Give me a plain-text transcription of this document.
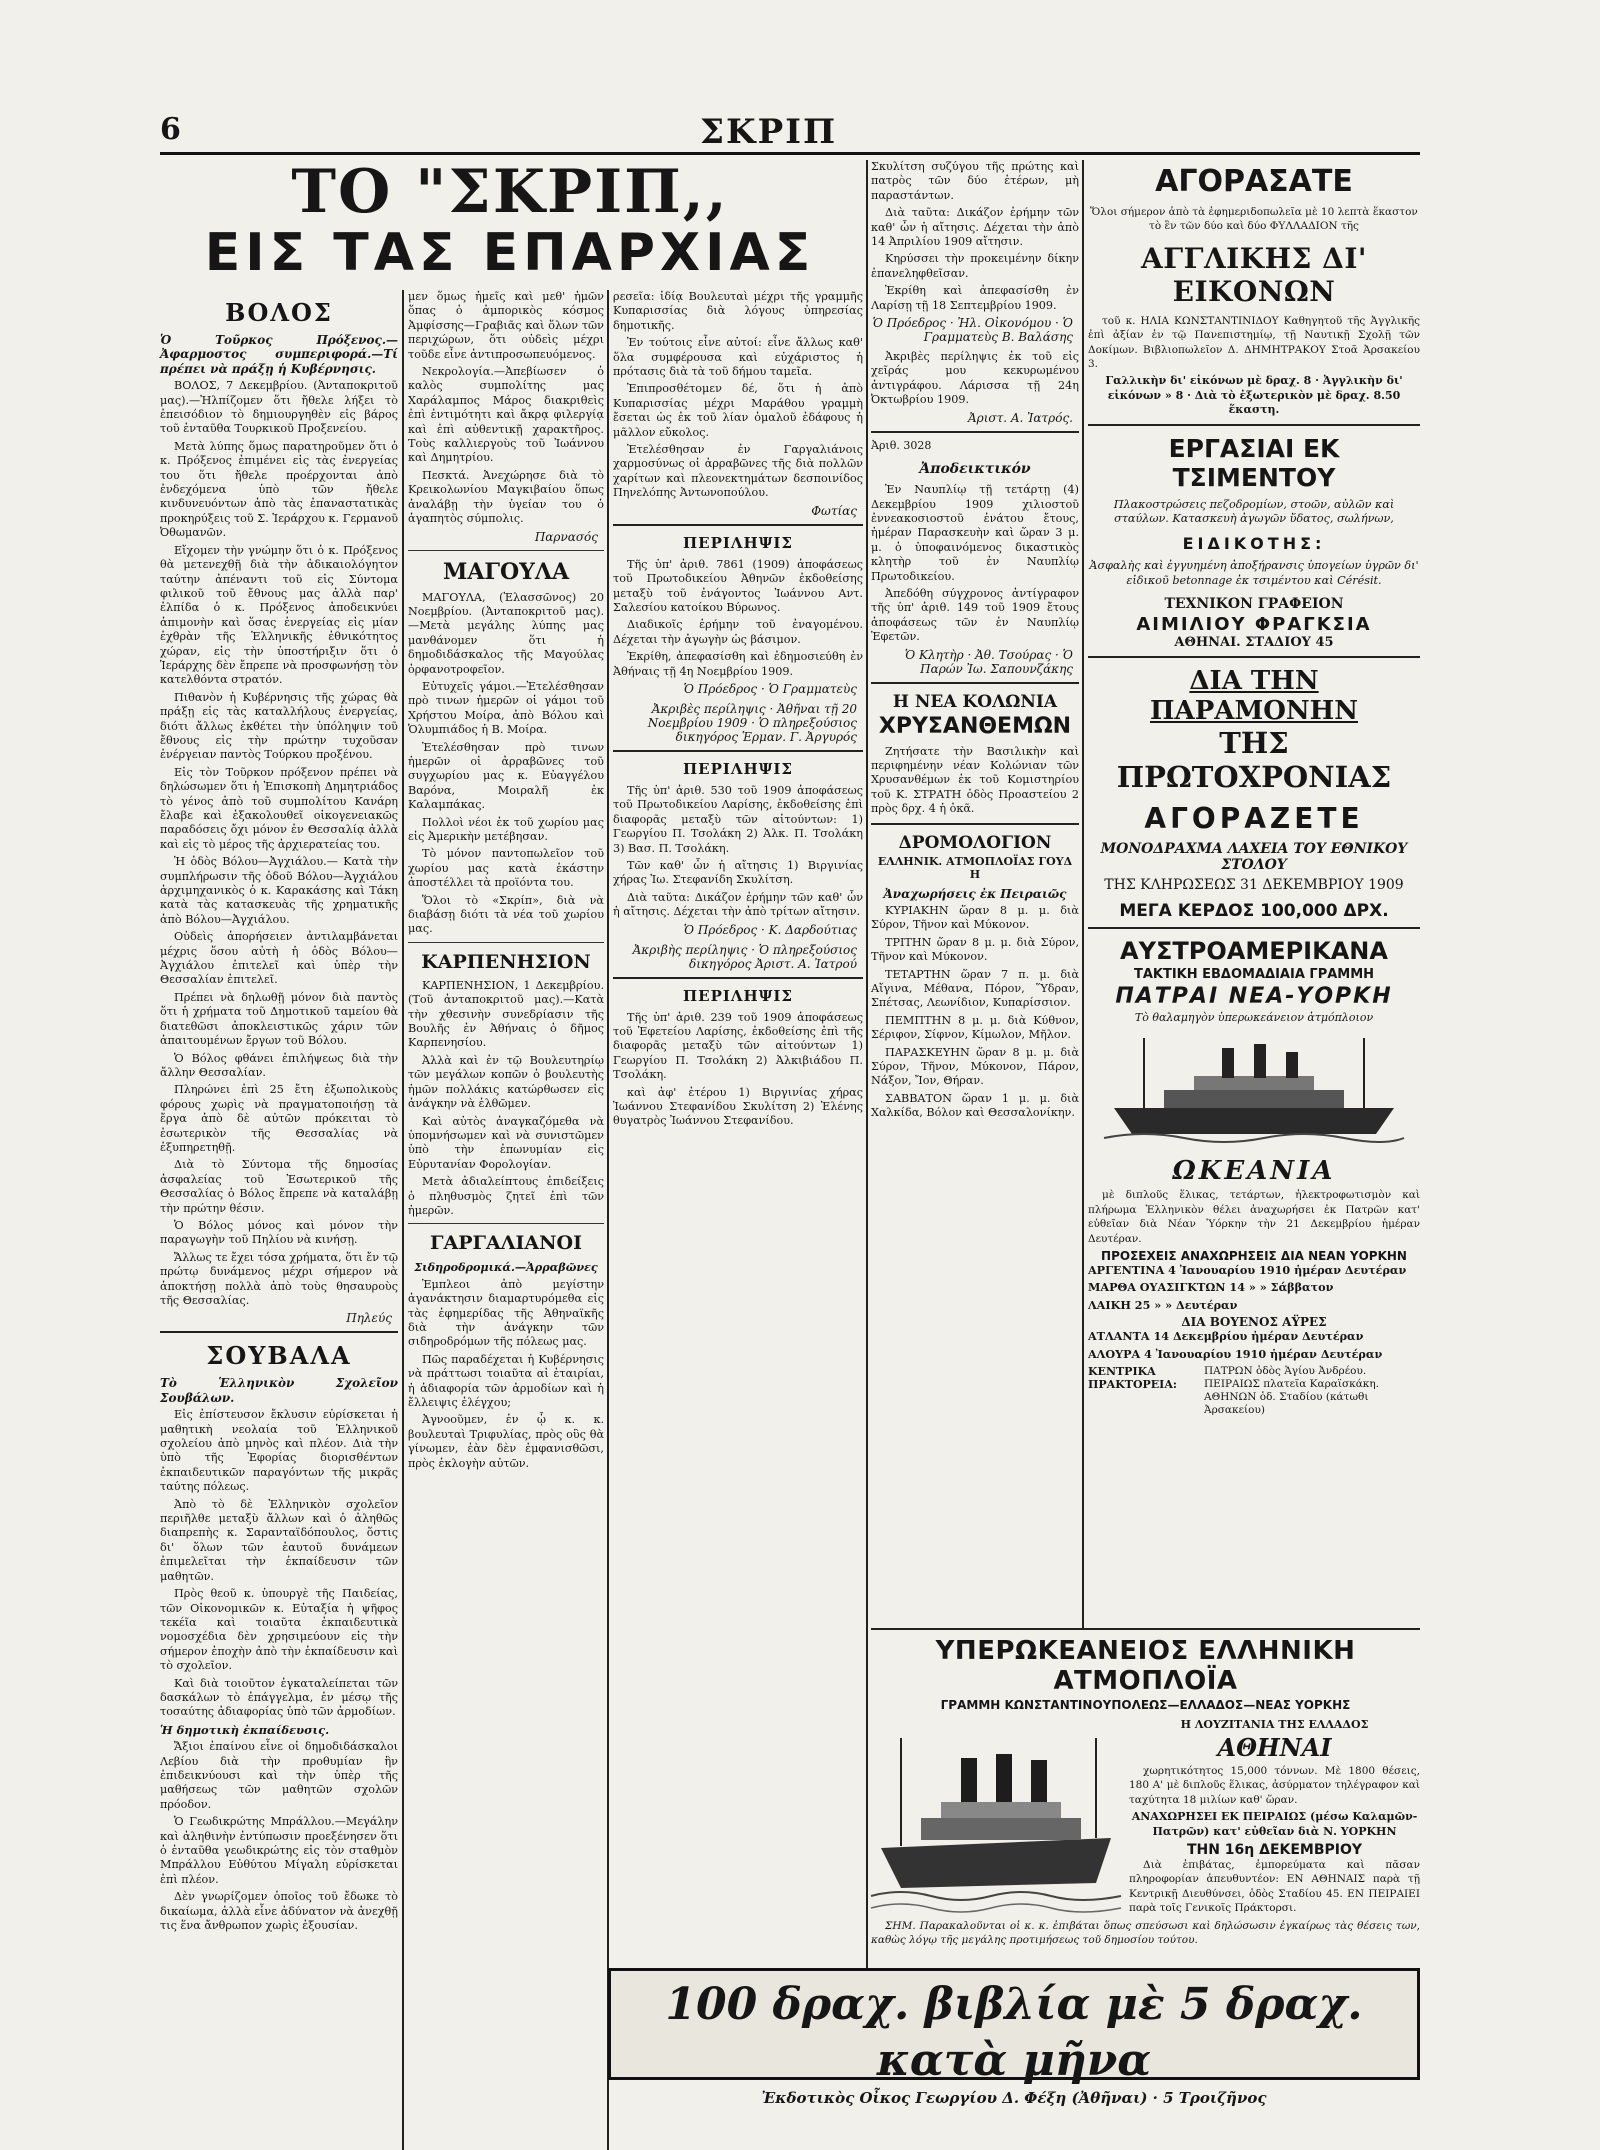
6	ΣΚΡΙΠ
ΤΟ "ΣΚΡΙΠ,,
ΕΙΣ ΤΑΣ ΕΠΑΡΧΙΑΣ
ΒΟΛΟΣ

Ὁ Τοῦρκος Πρόξενος.—Ἀφαρμοστος συμπεριφορά.—Τί πρέπει νὰ πράξῃ ἡ Κυβέρνησις.

ΒΟΛΟΣ, 7 Δεκεμβρίου. (Ἀνταποκριτοῦ μας).—Ἠλπίζομεν ὅτι ἤθελε λήξει τὸ ἐπεισόδιον τὸ δημιουργηθὲν εἰς βάρος τοῦ ἐνταῦθα Τουρκικοῦ Προξενείου.

Μετὰ λύπης ὅμως παρατηροῦμεν ὅτι ὁ κ. Πρόξενος ἐπιμένει εἰς τὰς ἐνεργείας του ὅτι ἤθελε προέρχονται ἀπὸ ἐνδεχόμενα ὑπὸ τῶν ἤθελε κινδυνευόντων ἀπὸ τὰς ἐπαναστατικὰς προκηρύξεις τοῦ Σ. Ἱεράρχου κ. Γερμανοῦ Ὀθωμανῶν.

Εἴχομεν τὴν γνώμην ὅτι ὁ κ. Πρόξενος θὰ μετενεχθῇ διὰ τὴν ἀδικαιολόγητον ταύτην ἀπέναντι τοῦ εἰς Σύντομα φιλικοῦ τοῦ ἔθνους μας ἀλλὰ παρ' ἐλπίδα ὁ κ. Πρόξενος ἀποδεικνύει ἀπιμονὴν καὶ ὅσας ἐνεργείας εἰς μίαν ἐχθρὰν τῆς Ἑλληνικῆς ἐθνικότητος χώραν, εἰς τὴν ὑποστήριξιν ὅτι ὁ Ἱεράρχης δὲν ἔπρεπε νὰ προσφωνήσῃ τὸν κατελθόντα στρατόν.

Πιθανὸν ἡ Κυβέρνησις τῆς χώρας θὰ πράξῃ εἰς τὰς καταλλήλους ἐνεργείας, διότι ἄλλως ἐκθέτει τὴν ὑπόληψιν τοῦ ἔθνους εἰς τὴν πρώτην τυχοῦσαν ἐνέργειαν παντὸς Τούρκου προξένου.

Εἰς τὸν Τοῦρκον πρόξενον πρέπει νὰ δηλώσωμεν ὅτι ἡ Ἐπισκοπὴ Δημητριάδος τὸ γένος ἀπὸ τοῦ συμπολίτου Κανάρη ἔλαβε καὶ ἐξακολουθεῖ οἰκογενειακῶς παραδόσεις ὄχι μόνον ἐν Θεσσαλίᾳ ἀλλὰ καὶ εἰς τὸ μέρος τῆς ἀρχιερατείας του.

Ἡ ὁδὸς Βόλου—Ἀγχιάλου.— Κατὰ τὴν συμπλήρωσιν τῆς ὁδοῦ Βόλου—Ἀγχιάλου ἀρχιμηχανικὸς ὁ κ. Καρακάσης καὶ Τάκη κατὰ τὰς κατασκευὰς τῆς χρηματικῆς ἀπὸ Βόλου—Ἀγχιάλου.

Οὐδεὶς ἀπορήσειεν ἀντιλαμβάνεται μέχρις ὅσου αὐτὴ ἡ ὁδὸς Βόλου—Ἀγχιάλου ἐπιτελεῖ καὶ ὑπὲρ τὴν Θεσσαλίαν ἐπιτελεῖ.

Πρέπει νὰ δηλωθῇ μόνον διὰ παντὸς ὅτι ἡ χρήματα τοῦ Δημοτικοῦ ταμείου θὰ διατεθῶσι ἀποκλειστικῶς χάριν τῶν ἀπαιτουμένων ἔργων τοῦ Βόλου.

Ὁ Βόλος φθάνει ἐπιλήψεως διὰ τὴν ἄλλην Θεσσαλίαν.

Πληρώνει ἐπὶ 25 ἔτη ἐξωπολικοὺς φόρους χωρὶς νὰ πραγματοποιήσῃ τὰ ἔργα ἀπὸ δὲ αὐτῶν πρόκειται τὸ ἐσωτερικὸν τῆς Θεσσαλίας νὰ ἐξυπηρετηθῇ.

Διὰ τὸ Σύντομα τῆς δημοσίας ἀσφαλείας τοῦ Ἐσωτερικοῦ τῆς Θεσσαλίας ὁ Βόλος ἔπρεπε νὰ καταλάβῃ τὴν πρώτην θέσιν.

Ὁ Βόλος μόνος καὶ μόνον τὴν παραγωγὴν τοῦ Πηλίου νὰ κινήσῃ.

Ἄλλως τε ἔχει τόσα χρήματα, ὅτι ἔν τῷ πρώτῳ δυνάμενος μέχρι σήμερον νὰ ἀποκτήσῃ πολλὰ ἀπὸ τοὺς θησαυροὺς τῆς Θεσσαλίας.

Πηλεύς
ΣΟΥΒΑΛΑ

Τὸ Ἑλληνικὸν Σχολεῖον Σουβάλων.

Εἰς ἐπίστευσον ἔκλυσιν εὐρίσκεται ἡ μαθητικὴ νεολαία τοῦ Ἑλληνικοῦ σχολείου ἀπὸ μηνὸς καὶ πλέον. Διὰ τὴν ὑπὸ τῆς Ἐφορίας διορισθέντων ἐκπαιδευτικῶν παραγόντων τῆς μικρᾶς ταύτης πόλεως.

Ἀπὸ τὸ δὲ Ἑλληνικὸν σχολεῖον περιῆλθε μεταξὺ ἄλλων καὶ ὁ ἀληθῶς διαπρεπὴς κ. Σαρανταϊδόπουλος, ὅστις δι' ὅλων τῶν ἑαυτοῦ δυνάμεων ἐπιμελεῖται τὴν ἐκπαίδευσιν τῶν μαθητῶν.

Πρὸς θεοῦ κ. ὑπουργὲ τῆς Παιδείας, τῶν Οἰκονομικῶν κ. Εὐταξία ἡ ψῆφος τεκέῖα καὶ τοιαῦτα ἐκπαιδευτικὰ νομοσχέδια δὲν χρησιμεύουν εἰς τὴν σήμερον ἐποχὴν ἀπὸ τὴν ἐκπαίδευσιν καὶ τὸ σχολεῖον.

Καὶ διὰ τοιοῦτον ἐγκαταλείπεται τῶν δασκάλων τὸ ἐπάγγελμα, ἐν μέσῳ τῆς τοσαύτης ἀδιαφορίας ὑπὸ τῶν ἀρμοδίων.

Ἡ δημοτικὴ ἐκπαίδευσις.

Ἄξιοι ἐπαίνου εἶνε οἱ δημοδιδάσκαλοι Λεβίου διὰ τὴν προθυμίαν ἣν ἐπιδεικνύουσι καὶ τὴν ὑπὲρ τῆς μαθήσεως τῶν μαθητῶν σχολῶν πρόοδον.

Ὁ Γεωδικρώτης Μπράλλου.—Μεγάλην καὶ ἀληθινὴν ἐντύπωσιν προεξένησεν ὅτι ὁ ἐνταῦθα γεωδικρώτης εἰς τὸν σταθμὸν Μπράλλου Εὐθύτου Μίγαλη εὑρίσκεται ἐπὶ πλέον.

Δὲν γνωρίζομεν ὁποῖος τοῦ ἔδωκε τὸ δικαίωμα, ἀλλὰ εἶνε ἀδύνατον νὰ ἀνεχθῇ τις ἕνα ἄνθρωπον χωρὶς ἐξουσίαν.

μεν ὅμως ἡμεῖς καὶ μεθ' ἡμῶν ὅπας ὁ ἀμπορικὸς κόσμος Ἀμφίσσης—Γραβιᾶς καὶ ὅλων τῶν περιχώρων, ὅτι οὐδεὶς μέχρι τοῦδε εἶνε ἀντιπροσωπευόμενος.

Νεκρολογία.—Ἀπεβίωσεν ὁ καλὸς συμπολίτης μας Χαράλαμπος Μάρος διακριθεὶς ἐπὶ ἐντιμότητι καὶ ἄκρᾳ φιλεργίᾳ καὶ ἐπὶ αὐθεντικῇ χαρακτῆρος. Τοὺς καλλιεργοὺς τοῦ Ἰωάννου καὶ Δημητρίου.

Πεσκτά. Ἀνεχώρησε διὰ τὸ Κρεικολωνίου Μαγκιβαίου ὅπως ἀναλάβῃ τὴν ὑγείαν του ὁ ἀγαπητὸς σύμπολις.

Παρνασός
ΜΑΓΟΥΛΑ

ΜΑΓΟΥΛΑ, (Ἐλασσῶνος) 20 Νοεμβρίου. (Ἀνταποκριτοῦ μας).—Μετὰ μεγάλης λύπης μας μανθάνομεν ὅτι ἡ δημοδιδάσκαλος τῆς Μαγούλας ὀρφανοτροφεῖον.

Εὐτυχεῖς γάμοι.—Ἑτελέσθησαν πρὸ τινων ἡμερῶν οἱ γάμοι τοῦ Χρήστου Μοίρα, ἀπὸ Βόλου καὶ Ὁλυμπιάδος ἡ Β. Μοίρα.

Ἐτελέσθησαν πρὸ τινων ἡμερῶν οἱ ἀρραβῶνες τοῦ συγχωρίου μας κ. Εὐαγγέλου Βαρόνα, Μοιραλῆ ἐκ Καλαμπάκας.

Πολλοὶ νέοι ἐκ τοῦ χωρίου μας εἰς Ἀμερικὴν μετέβησαν.

Τὸ μόνον παντοπωλεῖον τοῦ χωρίου μας κατὰ ἑκάστην ἀποστέλλει τὰ προϊόντα του.

Ὅλοι τὸ «Σκρίπ», διὰ νὰ διαβάσῃ διότι τὰ νέα τοῦ χωρίου μας.

ΚΑΡΠΕΝΗΣΙΟΝ

ΚΑΡΠΕΝΗΣΙΟΝ, 1 Δεκεμβρίου. (Τοῦ ἀνταποκριτοῦ μας).—Κατὰ τὴν χθεσινὴν συνεδρίασιν τῆς Βουλῆς ἐν Ἀθήναις ὁ δῆμος Καρπενησίου.

Ἀλλὰ καὶ ἐν τῷ Βουλευτηρίῳ τῶν μεγάλων κοπῶν ὁ βουλευτὴς ἡμῶν πολλάκις κατώρθωσεν εἰς ἀνάγκην νὰ ἐλθῶμεν.

Καὶ αὐτὸς ἀναγκαζόμεθα νὰ ὑπομνήσωμεν καὶ νὰ συνιστῶμεν ὑπὸ τὴν ἐπωνυμίαν εἰς Εὐρυτανίαν Φορολογίαν.

Μετὰ ἀδιαλείπτους ἐπιδείξεις ὁ πληθυσμὸς ζητεῖ ἐπὶ τῶν ἡμερῶν.

ΓΑΡΓΑΛΙΑΝΟΙ

Σιδηροδρομικά.—Ἀρραβῶνες

Ἐμπλεοι ἀπὸ μεγίστην ἀγανάκτησιν διαμαρτυρόμεθα εἰς τὰς ἐφημερίδας τῆς Ἀθηναϊκῆς διὰ τὴν ἀνάγκην τῶν σιδηροδρόμων τῆς πόλεως μας.

Πῶς παραδέχεται ἡ Κυβέρνησις νὰ πράττωσι τοιαῦτα αἱ ἑταιρίαι, ἡ ἀδιαφορία τῶν ἀρμοδίων καὶ ἡ ἔλλειψις ἐλέγχου;

Ἀγνοοῦμεν, ἐν ᾧ κ. κ. βουλευταὶ Τριφυλίας, πρὸς οὓς θὰ γίνωμεν, ἐὰν δὲν ἐμφανισθῶσι, πρὸς ἐκλογὴν αὐτῶν.

ρεσεῖα: ἰδίᾳ Βουλευταὶ μέχρι τῆς γραμμῆς Κυπαρισσίας διὰ λόγους ὑπηρεσίας δημοτικῆς.

Ἐν τούτοις εἶνε αὐτοί: εἶνε ἄλλως καθ' ὅλα συμφέρουσα καὶ εὐχάριστος ἡ πρότασις διὰ τὰ τοῦ δήμου ταμεῖα.

Ἐπιπροσθέτομεν δέ, ὅτι ἡ ἀπὸ Κυπαρισσίας μέχρι Μαράθου γραμμὴ ἔσεται ὡς ἐκ τοῦ λίαν ὁμαλοῦ ἐδάφους ἡ μᾶλλον εὔκολος.

Ἐτελέσθησαν ἐν Γαργαλιάνοις χαρμοσύνως οἱ ἀρραβῶνες τῆς διὰ πολλῶν χαρίτων καὶ πλεονεκτημάτων δεσποινίδος Πηνελόπης Ἀντωνοπούλου.

Φωτίας
ΠΕΡΙΛΗΨΙΣ

Τῆς ὑπ' ἀριθ. 7861 (1909) ἀποφάσεως τοῦ Πρωτοδικείου Ἀθηνῶν ἐκδοθείσης μεταξὺ τοῦ ἐνάγοντος Ἰωάννου Αντ. Σαλεσίου κατοίκου Βύρωνος.

Διαδικοῖς ἐρήμην τοῦ ἐναγομένου. Δέχεται τὴν ἀγωγὴν ὡς βάσιμον.

Ἐκρίθη, ἀπεφασίσθη καὶ ἐδημοσιεύθη ἐν Ἀθήναις τῇ 4η Νοεμβρίου 1909.

Ὁ Πρόεδρος · Ὁ Γραμματεὺς
Ἀκριβὲς περίληψις · Ἀθῆναι τῇ 20 Νοεμβρίου 1909 · Ὁ πληρεξούσιος δικηγόρος Ἑρμαν. Γ. Ἀργυρός
ΠΕΡΙΛΗΨΙΣ

Τῆς ὑπ' ἀριθ. 530 τοῦ 1909 ἀποφάσεως τοῦ Πρωτοδικείου Λαρίσης, ἐκδοθείσης ἐπὶ διαφορᾶς μεταξὺ τῶν αἰτούντων: 1) Γεωργίου Π. Τσολάκη 2) Ἀλκ. Π. Τσολάκη 3) Βασ. Π. Τσολάκη.

Τῶν καθ' ὧν ἡ αἴτησις 1) Βιργινίας χήρας Ἰω. Στεφανίδη Σκυλίτση.

Διὰ ταῦτα: Δικάζον ἐρήμην τῶν καθ' ὧν ἡ αἴτησις. Δέχεται τὴν ἀπὸ τρίτων αἴτησιν.

Ὁ Πρόεδρος · Κ. Δαρδούτιας
Ἀκριβὴς περίληψις · Ὁ πληρεξούσιος δικηγόρος Ἀριστ. Α. Ἰατρού
ΠΕΡΙΛΗΨΙΣ

Τῆς ὑπ' ἀριθ. 239 τοῦ 1909 ἀποφάσεως τοῦ Ἐφετείου Λαρίσης, ἐκδοθείσης ἐπὶ τῆς διαφορᾶς μεταξὺ τῶν αἰτούντων 1) Γεωργίου Π. Τσολάκη 2) Ἀλκιβιάδου Π. Τσολάκη.

καὶ ἀφ' ἑτέρου 1) Βιργινίας χήρας Ἰωάννου Στεφανίδου Σκυλίτση 2) Ἑλένης θυγατρὸς Ἰωάννου Στεφανίδου.

Σκυλίτση συζύγου τῆς πρώτης καὶ πατρὸς τῶν δύο ἑτέρων, μὴ παραστάντων.

Διὰ ταῦτα: Δικάζον ἐρήμην τῶν καθ' ὧν ἡ αἴτησις. Δέχεται τὴν ἀπὸ 14 Ἀπριλίου 1909 αἴτησιν.

Κηρύσσει τὴν προκειμένην δίκην ἐπανεληφθεῖσαν.

Ἐκρίθη καὶ ἀπεφασίσθη ἐν Λαρίσῃ τῇ 18 Σεπτεμβρίου 1909.

Ὁ Πρόεδρος · Ἠλ. Οἰκονόμου · Ὁ Γραμματεὺς Β. Βαλάσης

Ἀκριβὲς περίληψις ἐκ τοῦ εἰς χεῖράς μου κεκυρωμένου ἀντιγράφου. Λάρισσα τῇ 24η Ὀκτωβρίου 1909.

Ἀριστ. Α. Ἰατρός.
Ἀριθ. 3028
Ἀποδεικτικόν

Ἐν Ναυπλίῳ τῇ τετάρτῃ (4) Δεκεμβρίου 1909 χιλιοστοῦ ἐννεακοσιοστοῦ ἐνάτου ἔτους, ἡμέραν Παρασκευὴν καὶ ὥραν 3 μ. μ. ὁ ὑποφαινόμενος δικαστικὸς κλητὴρ τοῦ ἐν Ναυπλίῳ Πρωτοδικείου.

Ἀπεδόθη σύγχρονος ἀντίγραφον τῆς ὑπ' ἀριθ. 149 τοῦ 1909 ἔτους ἀποφάσεως τῶν ἐν Ναυπλίῳ Ἐφετῶν.

Ὁ Κλητὴρ · Ἀθ. Τσούρας · Ὁ Παρών Ἰω. Σαπουνζάκης
Η ΝΕΑ ΚΟΛΩΝΙΑ
ΧΡΥΣΑΝΘΕΜΩΝ

Ζητήσατε τὴν Βασιλικὴν καὶ περιφημένην νέαν Κολώνιαν τῶν Χρυσανθέμων ἐκ τοῦ Κομιστηρίου τοῦ Κ. ΣΤΡΑΤΗ ὁδὸς Προαστείου 2 πρὸς δρχ. 4 ἡ ὀκᾶ.

ΔΡΟΜΟΛΟΓΙΟΝ
ΕΛΛΗΝΙΚ. ΑΤΜΟΠΛΟΪΑΣ ΓΟΥΔ Η

Ἀναχωρήσεις ἐκ Πειραιῶς

ΚΥΡΙΑΚΗΝ ὥραν 8 μ. μ. διὰ Σύρον, Τῆνον καὶ Μύκονον.

ΤΡΙΤΗΝ ὥραν 8 μ. μ. διὰ Σύρον, Τῆνον καὶ Μύκονον.

ΤΕΤΑΡΤΗΝ ὥραν 7 π. μ. διὰ Αἴγινα, Μέθανα, Πόρον, Ὕδραν, Σπέτσας, Λεωνίδιον, Κυπαρίσσιον.

ΠΕΜΠΤΗΝ 8 μ. μ. διὰ Κύθνον, Σέριφον, Σίφνον, Κίμωλον, Μῆλον.

ΠΑΡΑΣΚΕΥΗΝ ὥραν 8 μ. μ. διὰ Σύρον, Τῆνον, Μύκονον, Πάρον, Νάξον, Ἴον, Θήραν.

ΣΑΒΒΑΤΟΝ ὥραν 1 μ. μ. διὰ Χαλκίδα, Βόλον καὶ Θεσσαλονίκην.

ΑΓΟΡΑΣΑΤΕ

Ὅλοι σήμερον ἀπὸ τὰ ἐφημεριδοπωλεῖα μὲ 10 λεπτὰ ἕκαστον τὸ ἓν τῶν δύο καὶ δύο ΦΥΛΛΑΔΙΟΝ τῆς

ΑΓΓΛΙΚΗΣ ΔΙ' ΕΙΚΟΝΩΝ

τοῦ κ. ΗΛΙΑ ΚΩΝΣΤΑΝΤΙΝΙΔΟΥ Καθηγητοῦ τῆς Ἀγγλικῆς ἐπὶ ἀξίαν ἐν τῷ Πανεπιστημίῳ, τῇ Ναυτικῇ Σχολῇ τῶν Δοκίμων. Βιβλιοπωλεῖον Δ. ΔΗΜΗΤΡΑΚΟΥ Στοᾶ Ἀρσακείου 3.

Γαλλικὴν δι' εἰκόνων μὲ δραχ. 8 · Ἀγγλικὴν δι' εἰκόνων » 8 · Διὰ τὸ ἐξωτερικὸν μὲ δραχ. 8.50 ἕκαστη.

ΕΡΓΑΣΙΑΙ ΕΚ ΤΣΙΜΕΝΤΟΥ

Πλακοστρώσεις πεζοδρομίων, στοῶν, αὐλῶν καὶ σταύλων. Κατασκευὴ ἀγωγῶν ὕδατος, σωλήνων,

ΕΙΔΙΚΟΤΗΣ:

Ἀσφαλὴς καὶ ἐγγυημένη ἀποξήρανσις ὑπογείων ὑγρῶν δι' εἰδικοῦ betonnage ἐκ τσιμέντου καὶ Cérésit.

ΤΕΧΝΙΚΟΝ ΓΡΑΦΕΙΟΝ
ΑΙΜΙΛΙΟΥ ΦΡΑΓΚΣΙΑ
ΑΘΗΝΑΙ. ΣΤΑΔΙΟΥ 45
ΔΙΑ ΤΗΝ ΠΑΡΑΜΟΝΗΝ
ΤΗΣ ΠΡΩΤΟΧΡΟΝΙΑΣ
ΑΓΟΡΑΖΕΤΕ
ΜΟΝΟΔΡΑΧΜΑ ΛΑΧΕΙΑ ΤΟΥ ΕΘΝΙΚΟΥ ΣΤΟΛΟΥ
ΤΗΣ ΚΛΗΡΩΣΕΩΣ 31 ΔΕΚΕΜΒΡΙΟΥ 1909
ΜΕΓΑ ΚΕΡΔΟΣ 100,000 ΔΡΧ.
ΑΥΣΤΡΟΑΜΕΡΙΚΑΝΑ
ΤΑΚΤΙΚΗ ΕΒΔΟΜΑΔΙΑΙΑ ΓΡΑΜΜΗ
ΠΑΤΡΑΙ ΝΕΑ-ΥΟΡΚΗ
Τὸ θαλαμηγὸν ὑπερωκεάνειον ἀτμόπλοιον
ΩΚΕΑΝΙΑ

μὲ διπλοῦς ἕλικας, τετάρτων, ἠλεκτροφωτισμὸν καὶ πλήρωμα Ἑλληνικὸν θέλει ἀναχωρήσει ἐκ Πατρῶν κατ' εὐθεῖαν διὰ Νέαν Ὑόρκην τὴν 21 Δεκεμβρίου ἡμέραν Δευτέραν.

ΠΡΟΣΕΧΕΙΣ ΑΝΑΧΩΡΗΣΕΙΣ ΔΙΑ ΝΕΑΝ ΥΟΡΚΗΝ
ΑΡΓΕΝΤΙΝΑ 4 Ἰανουαρίου 1910 ἡμέραν Δευτέραν
ΜΑΡΘΑ ΟΥΑΣΙΓΚΤΩΝ 14 » » Σάββατον
ΛΑΙΚΗ 25 » » Δευτέραν
ΔΙΑ ΒΟΥΕΝΟΣ ΑΫΡΕΣ
ΑΤΛΑΝΤΑ 14 Δεκεμβρίου ἡμέραν Δευτέραν
ΑΛΟΥΡΑ 4 Ἰανουαρίου 1910 ἡμέραν Δευτέραν
ΚΕΝΤΡΙΚΑ ΠΡΑΚΤΟΡΕΙΑ:
ΠΑΤΡΩΝ ὁδὸς Ἁγίου Ἀνδρέου. ΠΕΙΡΑΙΩΣ πλατεῖα Καραϊσκάκη. ΑΘΗΝΩΝ ὁδ. Σταδίου (κάτωθι Ἀρσακείου)
ΥΠΕΡΩΚΕΑΝΕΙΟΣ ΕΛΛΗΝΙΚΗ ΑΤΜΟΠΛΟΪΑ
ΓΡΑΜΜΗ ΚΩΝΣΤΑΝΤΙΝΟΥΠΟΛΕΩΣ—ΕΛΛΑΔΟΣ—ΝΕΑΣ ΥΟΡΚΗΣ
Η ΛΟΥΖΙΤΑΝΙΑ ΤΗΣ ΕΛΛΑΔΟΣ
ΑΘΗΝΑΙ

χωρητικότητος 15,000 τόννων. Μὲ 1800 θέσεις, 180 Α' μὲ διπλοῦς ἕλικας, ἀσύρματον τηλέγραφον καὶ ταχύτητα 18 μιλίων καθ' ὥραν.

ΑΝΑΧΩΡΗΣΕΙ ΕΚ ΠΕΙΡΑΙΩΣ (μέσω Καλαμῶν-Πατρῶν) κατ' εὐθεῖαν διὰ Ν. ΥΟΡΚΗΝ

ΤΗΝ 16η ΔΕΚΕΜΒΡΙΟΥ

Διὰ ἐπιβάτας, ἐμπορεύματα καὶ πᾶσαν πληροφορίαν ἀπευθυντέον: ΕΝ ΑΘΗΝΑΙΣ παρὰ τῇ Κεντρικῇ Διευθύνσει, ὁδὸς Σταδίου 45. ΕΝ ΠΕΙΡΑΙΕΙ παρὰ τοῖς Γενικοῖς Πράκτορσι.

ΣΗΜ. Παρακαλοῦνται οἱ κ. κ. ἐπιβάται ὅπως σπεύσωσι καὶ δηλώσωσιν ἐγκαίρως τὰς θέσεις των, καθὼς λόγῳ τῆς μεγάλης προτιμήσεως τοῦ δημοσίου τούτου.

100 δραχ. βιβλία μὲ 5 δραχ. κατὰ μῆνα
Ἐκδοτικὸς Οἶκος Γεωργίου Δ. Φέξη (Ἀθῆναι) · 5 Τροιζῆνος
